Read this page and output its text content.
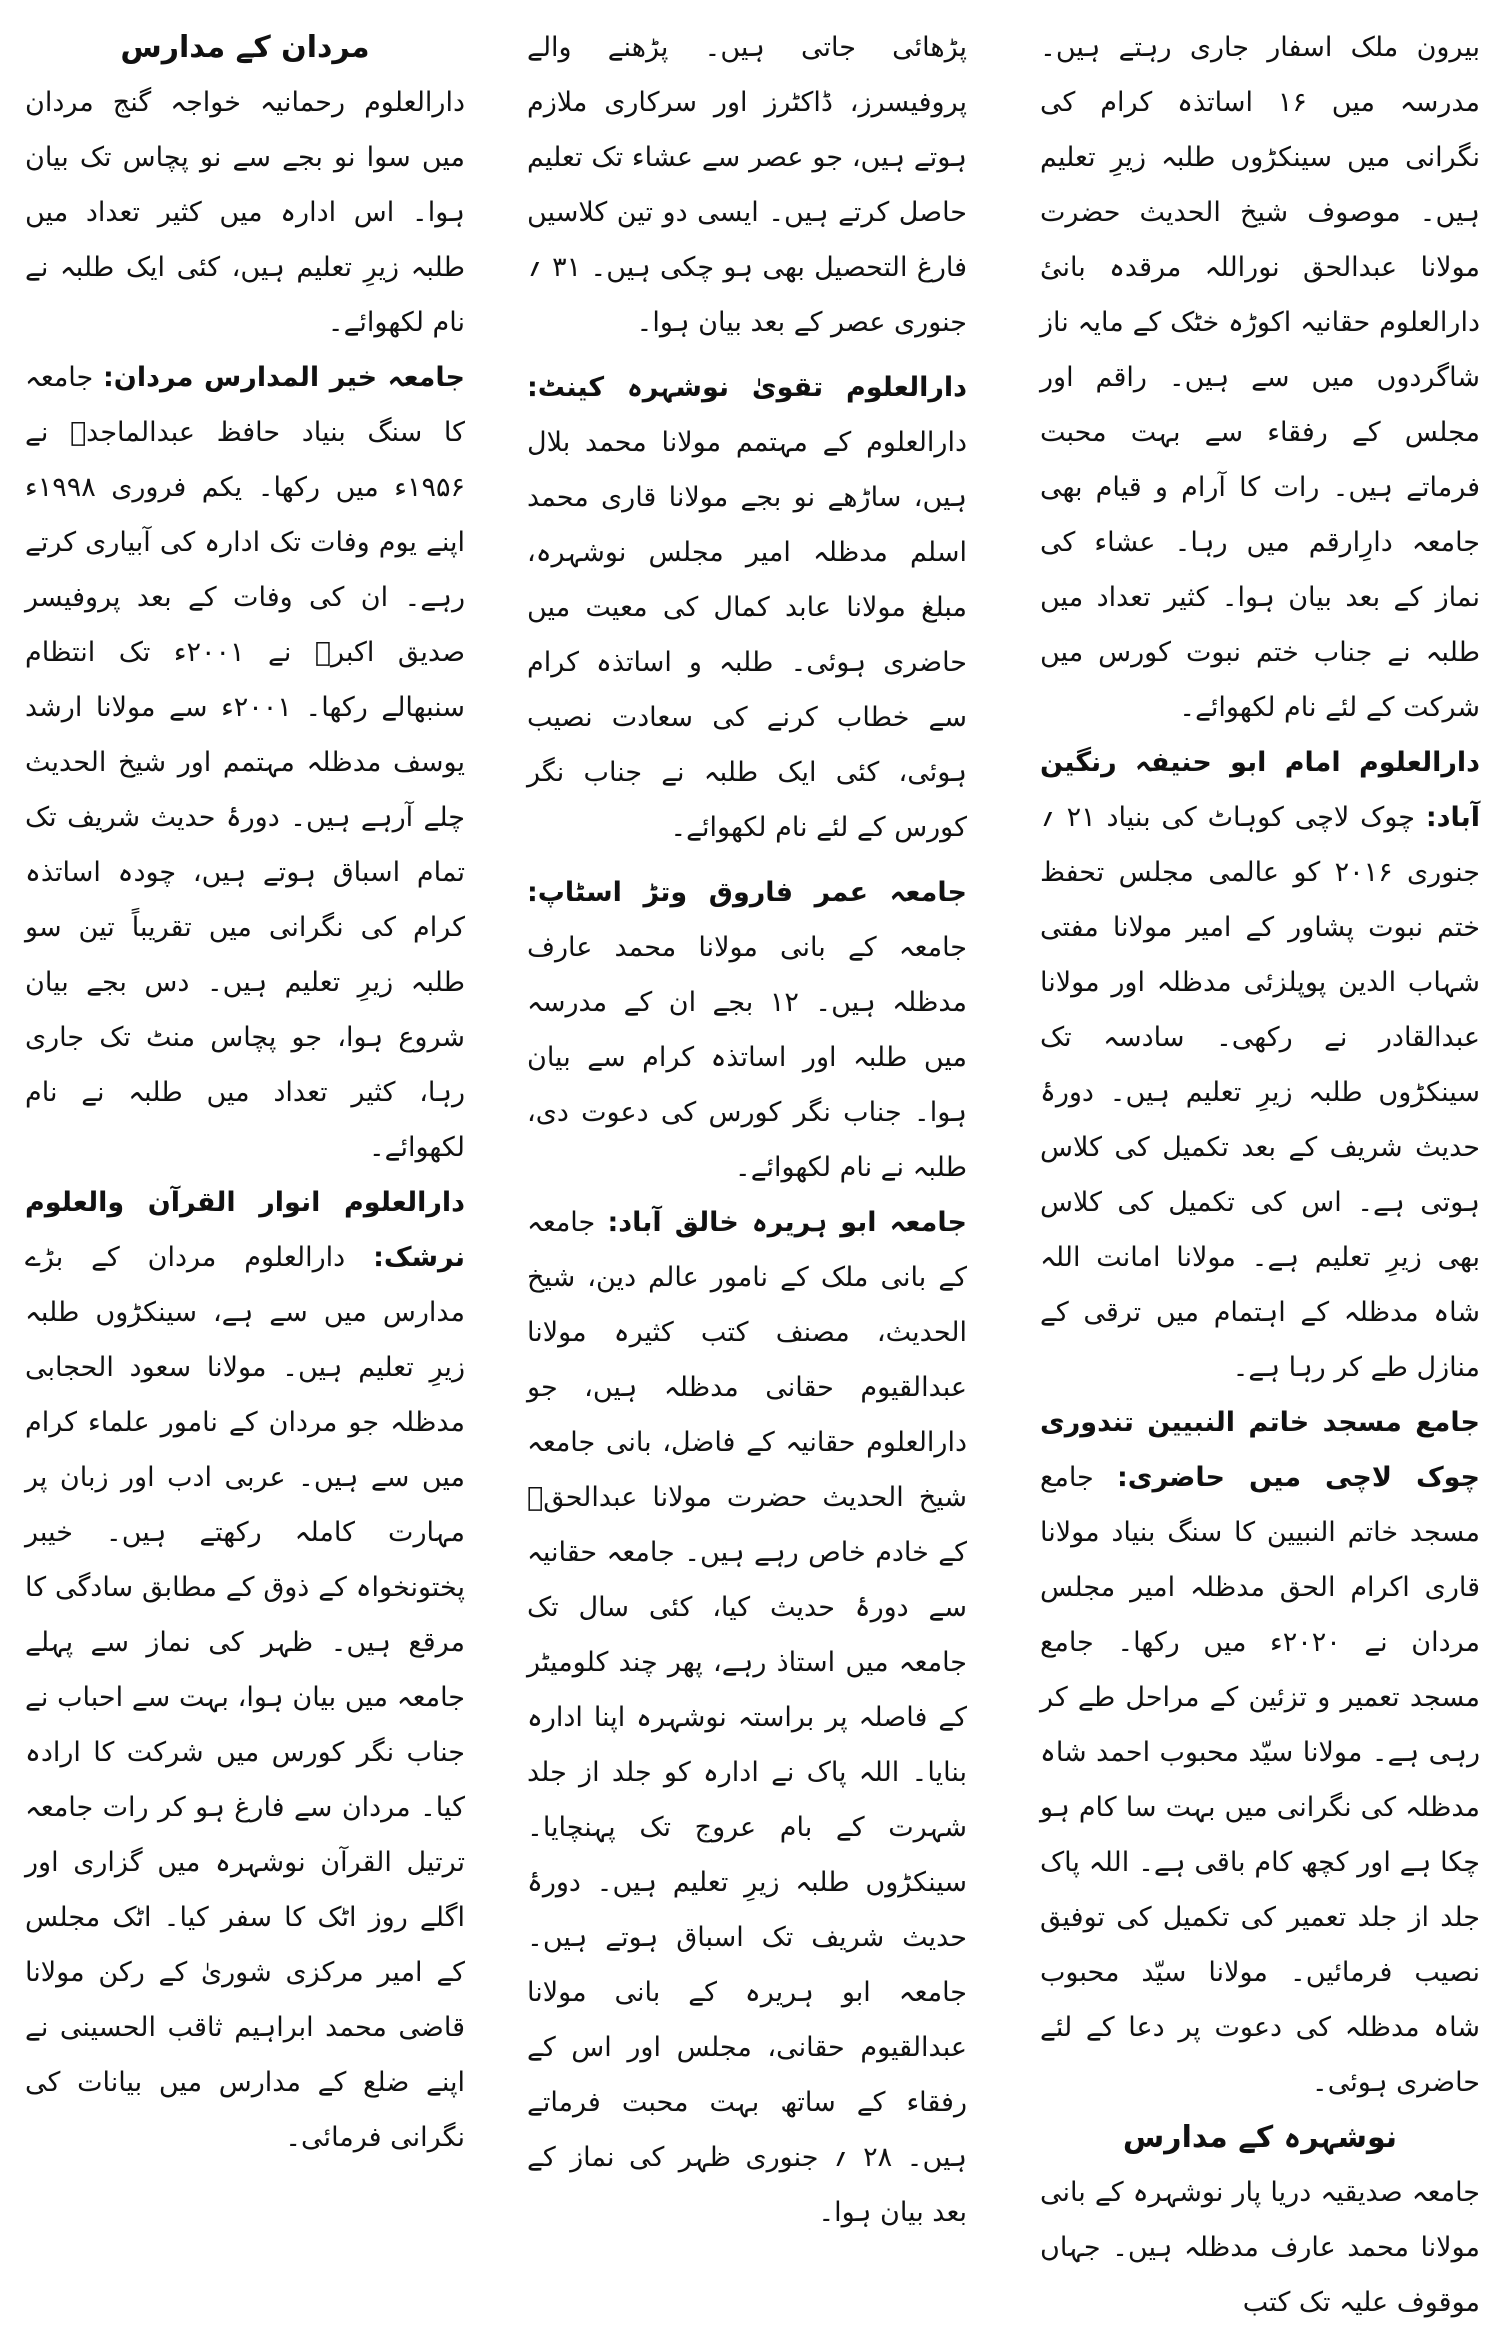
بیرون ملک اسفار جاری رہتے ہیں۔ مدرسہ میں ۱۶ اساتذہ کرام کی نگرانی میں سینکڑوں طلبہ زیرِ تعلیم ہیں۔ موصوف شیخ الحدیث حضرت مولانا عبدالحق نوراللہ مرقدہ بانیٔ دارالعلوم حقانیہ اکوڑہ خٹک کے مایہ ناز شاگردوں میں سے ہیں۔ راقم اور مجلس کے رفقاء سے بہت محبت فرماتے ہیں۔ رات کا آرام و قیام بھی جامعہ دارِارقم میں رہا۔ عشاء کی نماز کے بعد بیان ہوا۔ کثیر تعداد میں طلبہ نے جناب ختم نبوت کورس میں شرکت کے لئے نام لکھوائے۔

دارالعلوم امام ابو حنیفہ رنگین آباد: چوک لاچی کوہاٹ کی بنیاد ۲۱ ؍ جنوری ۲۰۱۶ کو عالمی مجلس تحفظ ختم نبوت پشاور کے امیر مولانا مفتی شہاب الدین پوپلزئی مدظلہ اور مولانا عبدالقادر نے رکھی۔ سادسہ تک سینکڑوں طلبہ زیرِ تعلیم ہیں۔ دورۂ حدیث شریف کے بعد تکمیل کی کلاس ہوتی ہے۔ اس کی تکمیل کی کلاس بھی زیرِ تعلیم ہے۔ مولانا امانت اللہ شاہ مدظلہ کے اہتمام میں ترقی کے منازل طے کر رہا ہے۔

جامع مسجد خاتم النبیین تندوری چوک لاچی میں حاضری: جامع مسجد خاتم النبیین کا سنگ بنیاد مولانا قاری اکرام الحق مدظلہ امیر مجلس مردان نے ۲۰۲۰ء میں رکھا۔ جامع مسجد تعمیر و تزئین کے مراحل طے کر رہی ہے۔ مولانا سیّد محبوب احمد شاہ مدظلہ کی نگرانی میں بہت سا کام ہو چکا ہے اور کچھ کام باقی ہے۔ اللہ پاک جلد از جلد تعمیر کی تکمیل کی توفیق نصیب فرمائیں۔ مولانا سیّد محبوب شاہ مدظلہ کی دعوت پر دعا کے لئے حاضری ہوئی۔

نوشہرہ کے مدارس

جامعہ صدیقیہ دریا پار نوشہرہ کے بانی مولانا محمد عارف مدظلہ ہیں۔ جہاں موقوف علیہ تک کتب

پڑھائی جاتی ہیں۔ پڑھنے والے پروفیسرز، ڈاکٹرز اور سرکاری ملازم ہوتے ہیں، جو عصر سے عشاء تک تعلیم حاصل کرتے ہیں۔ ایسی دو تین کلاسیں فارغ التحصیل بھی ہو چکی ہیں۔ ۳۱ ؍ جنوری عصر کے بعد بیان ہوا۔

دارالعلوم تقویٰ نوشہرہ کینٹ: دارالعلوم کے مہتمم مولانا محمد بلال ہیں، ساڑھے نو بجے مولانا قاری محمد اسلم مدظلہ امیر مجلس نوشہرہ، مبلغ مولانا عابد کمال کی معیت میں حاضری ہوئی۔ طلبہ و اساتذہ کرام سے خطاب کرنے کی سعادت نصیب ہوئی، کئی ایک طلبہ نے جناب نگر کورس کے لئے نام لکھوائے۔

جامعہ عمر فاروق وتڑ اسٹاپ: جامعہ کے بانی مولانا محمد عارف مدظلہ ہیں۔ ۱۲ بجے ان کے مدرسہ میں طلبہ اور اساتذہ کرام سے بیان ہوا۔ جناب نگر کورس کی دعوت دی، طلبہ نے نام لکھوائے۔

جامعہ ابو ہریرہ خالق آباد: جامعہ کے بانی ملک کے نامور عالم دین، شیخ الحدیث، مصنف کتب کثیرہ مولانا عبدالقیوم حقانی مدظلہ ہیں، جو دارالعلوم حقانیہ کے فاضل، بانی جامعہ شیخ الحدیث حضرت مولانا عبدالحقؒ کے خادم خاص رہے ہیں۔ جامعہ حقانیہ سے دورۂ حدیث کیا، کئی سال تک جامعہ میں استاذ رہے، پھر چند کلومیٹر کے فاصلہ پر براستہ نوشہرہ اپنا ادارہ بنایا۔ اللہ پاک نے ادارہ کو جلد از جلد شہرت کے بام عروج تک پہنچایا۔ سینکڑوں طلبہ زیرِ تعلیم ہیں۔ دورۂ حدیث شریف تک اسباق ہوتے ہیں۔ جامعہ ابو ہریرہ کے بانی مولانا عبدالقیوم حقانی، مجلس اور اس کے رفقاء کے ساتھ بہت محبت فرماتے ہیں۔ ۲۸ ؍ جنوری ظہر کی نماز کے بعد بیان ہوا۔

مردان کے مدارس

دارالعلوم رحمانیہ خواجہ گنج مردان میں سوا نو بجے سے نو پچاس تک بیان ہوا۔ اس ادارہ میں کثیر تعداد میں طلبہ زیرِ تعلیم ہیں، کئی ایک طلبہ نے نام لکھوائے۔

جامعہ خیر المدارس مردان: جامعہ کا سنگ بنیاد حافظ عبدالماجدؒ نے ۱۹۵۶ء میں رکھا۔ یکم فروری ۱۹۹۸ء اپنے یوم وفات تک ادارہ کی آبیاری کرتے رہے۔ ان کی وفات کے بعد پروفیسر صدیق اکبرؒ نے ۲۰۰۱ء تک انتظام سنبھالے رکھا۔ ۲۰۰۱ء سے مولانا ارشد یوسف مدظلہ مہتمم اور شیخ الحدیث چلے آرہے ہیں۔ دورۂ حدیث شریف تک تمام اسباق ہوتے ہیں، چودہ اساتذہ کرام کی نگرانی میں تقریباً تین سو طلبہ زیرِ تعلیم ہیں۔ دس بجے بیان شروع ہوا، جو پچاس منٹ تک جاری رہا، کثیر تعداد میں طلبہ نے نام لکھوائے۔

دارالعلوم انوار القرآن والعلوم نرشک: دارالعلوم مردان کے بڑے مدارس میں سے ہے، سینکڑوں طلبہ زیرِ تعلیم ہیں۔ مولانا سعود الحجابی مدظلہ جو مردان کے نامور علماء کرام میں سے ہیں۔ عربی ادب اور زبان پر مہارت کاملہ رکھتے ہیں۔ خیبر پختونخواہ کے ذوق کے مطابق سادگی کا مرقع ہیں۔ ظہر کی نماز سے پہلے جامعہ میں بیان ہوا، بہت سے احباب نے جناب نگر کورس میں شرکت کا ارادہ کیا۔ مردان سے فارغ ہو کر رات جامعہ ترتیل القرآن نوشہرہ میں گزاری اور اگلے روز اٹک کا سفر کیا۔ اٹک مجلس کے امیر مرکزی شوریٰ کے رکن مولانا قاضی محمد ابراہیم ثاقب الحسینی نے اپنے ضلع کے مدارس میں بیانات کی نگرانی فرمائی۔
